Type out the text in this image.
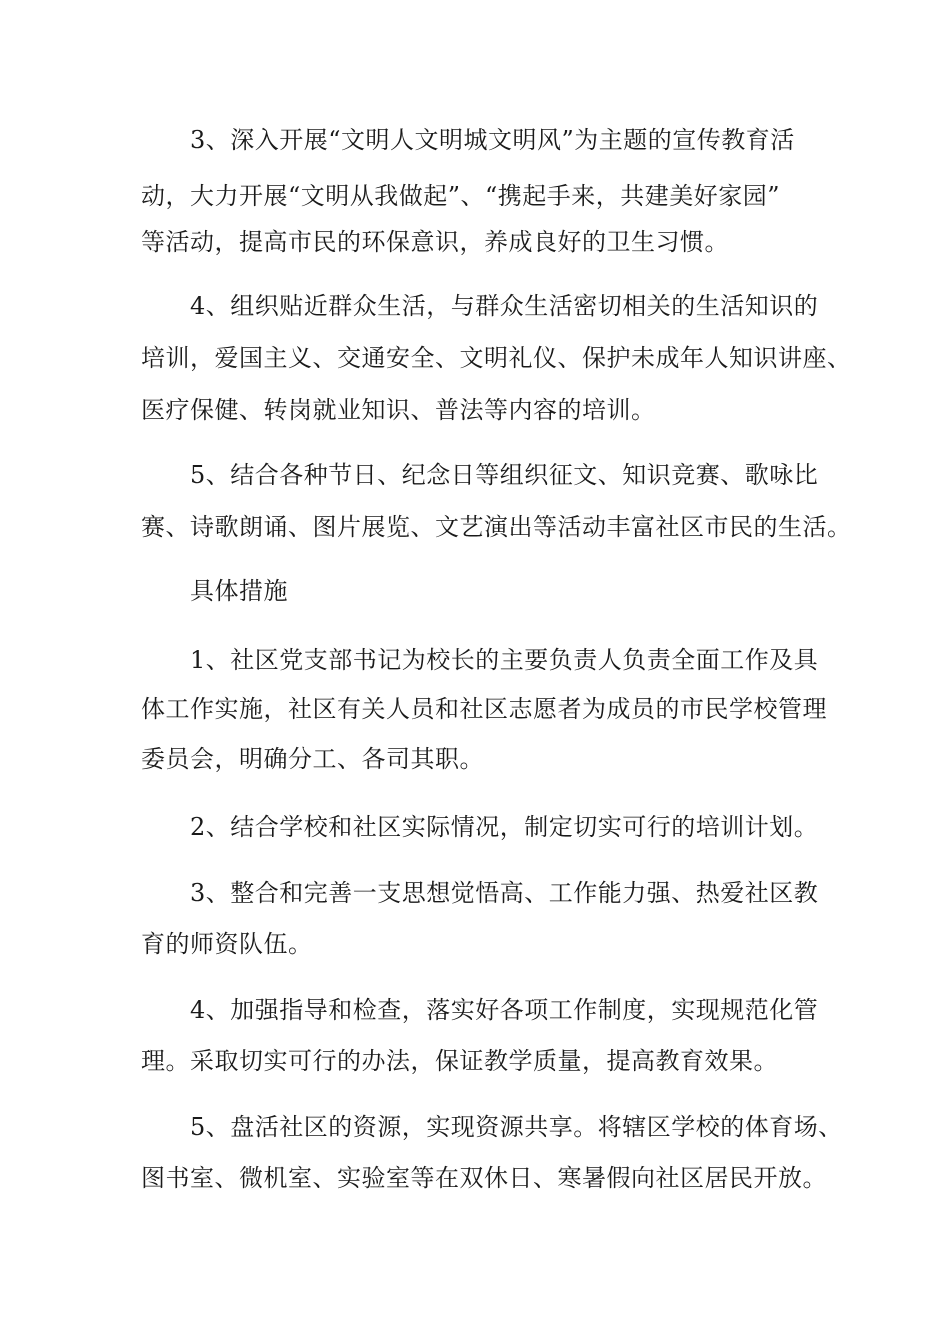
3、深入开展“文明人文明城文明风”为主题的宣传教育活

动，大力开展“文明从我做起”、“携起手来，共建美好家园”

等活动，提高市民的环保意识，养成良好的卫生习惯。

4、组织贴近群众生活，与群众生活密切相关的生活知识的

培训，爱国主义、交通安全、文明礼仪、保护未成年人知识讲座、

医疗保健、转岗就业知识、普法等内容的培训。

5、结合各种节日、纪念日等组织征文、知识竞赛、歌咏比

赛、诗歌朗诵、图片展览、文艺演出等活动丰富社区市民的生活。

具体措施

1、社区党支部书记为校长的主要负责人负责全面工作及具

体工作实施，社区有关人员和社区志愿者为成员的市民学校管理

委员会，明确分工、各司其职。

2、结合学校和社区实际情况，制定切实可行的培训计划。

3、整合和完善一支思想觉悟高、工作能力强、热爱社区教

育的师资队伍。

4、加强指导和检查，落实好各项工作制度，实现规范化管

理。采取切实可行的办法，保证教学质量，提高教育效果。

5、盘活社区的资源，实现资源共享。将辖区学校的体育场、

图书室、微机室、实验室等在双休日、寒暑假向社区居民开放。
